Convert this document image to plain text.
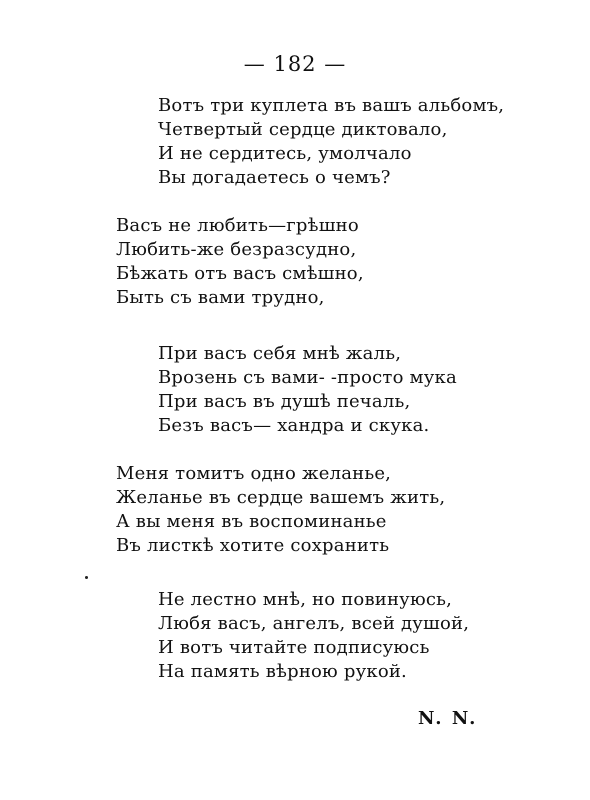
— 182 —
Вотъ три куплета въ вашъ альбомъ,
Четвертый сердце диктовало,
И не сердитесь, умолчало
Вы догадаетесь о чемъ?
Васъ не любить—грѣшно
Любить-же безразсудно,
Бѣжать отъ васъ смѣшно,
Быть съ вами трудно,
При васъ себя мнѣ жаль,
Врозень съ вами- -просто мука
При васъ въ душѣ печаль,
Безъ васъ— хандра и скука.
Меня томитъ одно желанье,
Желанье въ сердце вашемъ жить,
А вы меня въ воспоминанье
Въ листкѣ хотите сохранить
Не лестно мнѣ, но повинуюсь,
Любя васъ, ангелъ, всей душой,
И вотъ читайте подписуюсь
На память вѣрною рукой.
N. N.
